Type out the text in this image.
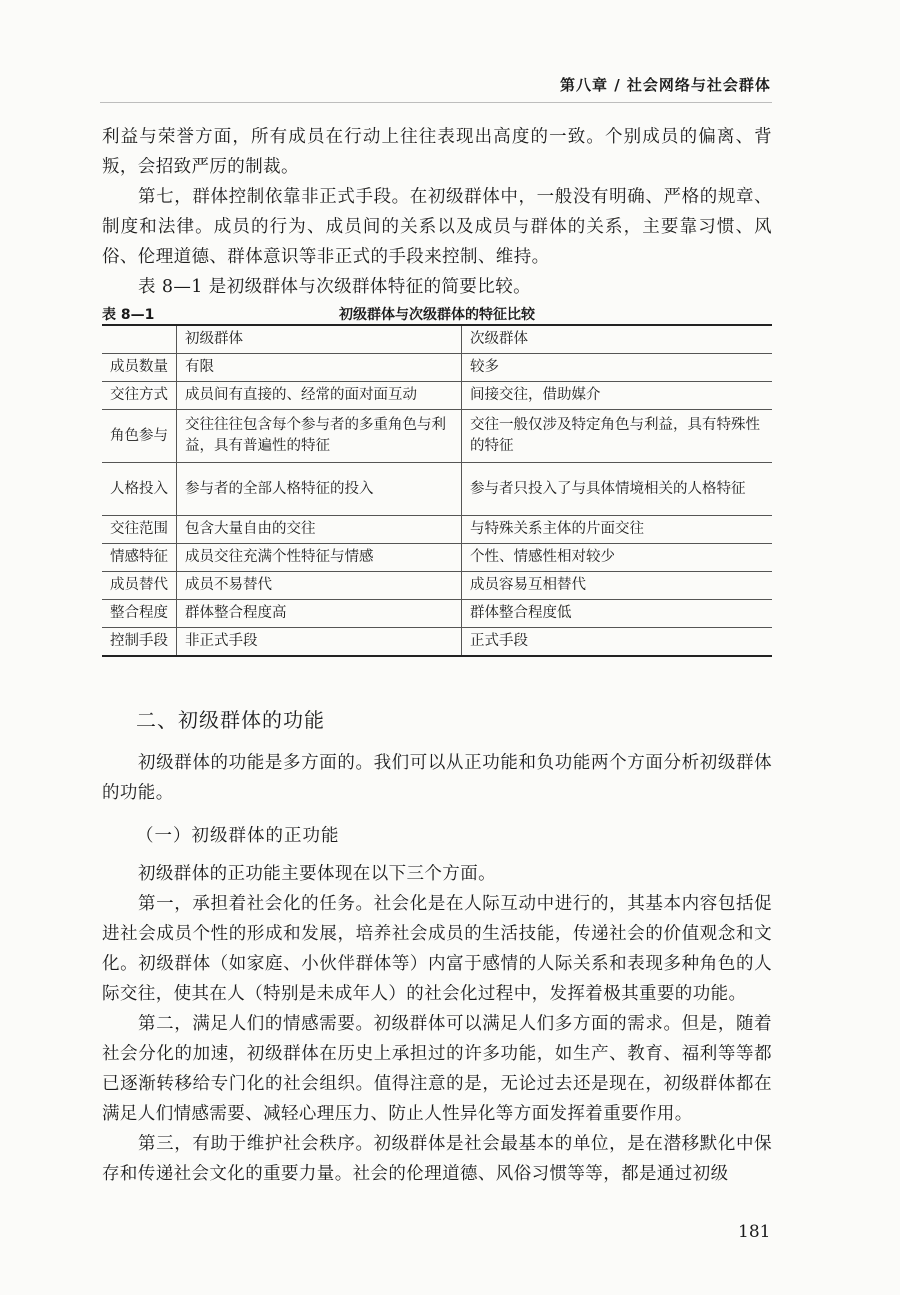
第八章 / 社会网络与社会群体

利益与荣誉方面，所有成员在行动上往往表现出高度的一致。个别成员的偏离、背叛，会招致严厉的制裁。

第七，群体控制依靠非正式手段。在初级群体中，一般没有明确、严格的规章、制度和法律。成员的行为、成员间的关系以及成员与群体的关系，主要靠习惯、风俗、伦理道德、群体意识等非正式的手段来控制、维持。

表 8—1 是初级群体与次级群体特征的简要比较。

表 8—1	初级群体与次级群体的特征比较
	初级群体	次级群体
成员数量	有限	较多
交往方式	成员间有直接的、经常的面对面互动	间接交往，借助媒介
角色参与	交往往往包含每个参与者的多重角色与利益，具有普遍性的特征	交往一般仅涉及特定角色与利益，具有特殊性的特征
人格投入	参与者的全部人格特征的投入	参与者只投入了与具体情境相关的人格特征
交往范围	包含大量自由的交往	与特殊关系主体的片面交往
情感特征	成员交往充满个性特征与情感	个性、情感性相对较少
成员替代	成员不易替代	成员容易互相替代
整合程度	群体整合程度高	群体整合程度低
控制手段	非正式手段	正式手段
二、初级群体的功能

初级群体的功能是多方面的。我们可以从正功能和负功能两个方面分析初级群体的功能。

（一）初级群体的正功能

初级群体的正功能主要体现在以下三个方面。

第一，承担着社会化的任务。社会化是在人际互动中进行的，其基本内容包括促进社会成员个性的形成和发展，培养社会成员的生活技能，传递社会的价值观念和文化。初级群体（如家庭、小伙伴群体等）内富于感情的人际关系和表现多种角色的人际交往，使其在人（特别是未成年人）的社会化过程中，发挥着极其重要的功能。

第二，满足人们的情感需要。初级群体可以满足人们多方面的需求。但是，随着社会分化的加速，初级群体在历史上承担过的许多功能，如生产、教育、福利等等都已逐渐转移给专门化的社会组织。值得注意的是，无论过去还是现在，初级群体都在满足人们情感需要、减轻心理压力、防止人性异化等方面发挥着重要作用。

第三，有助于维护社会秩序。初级群体是社会最基本的单位，是在潜移默化中保存和传递社会文化的重要力量。社会的伦理道德、风俗习惯等等，都是通过初级

181
